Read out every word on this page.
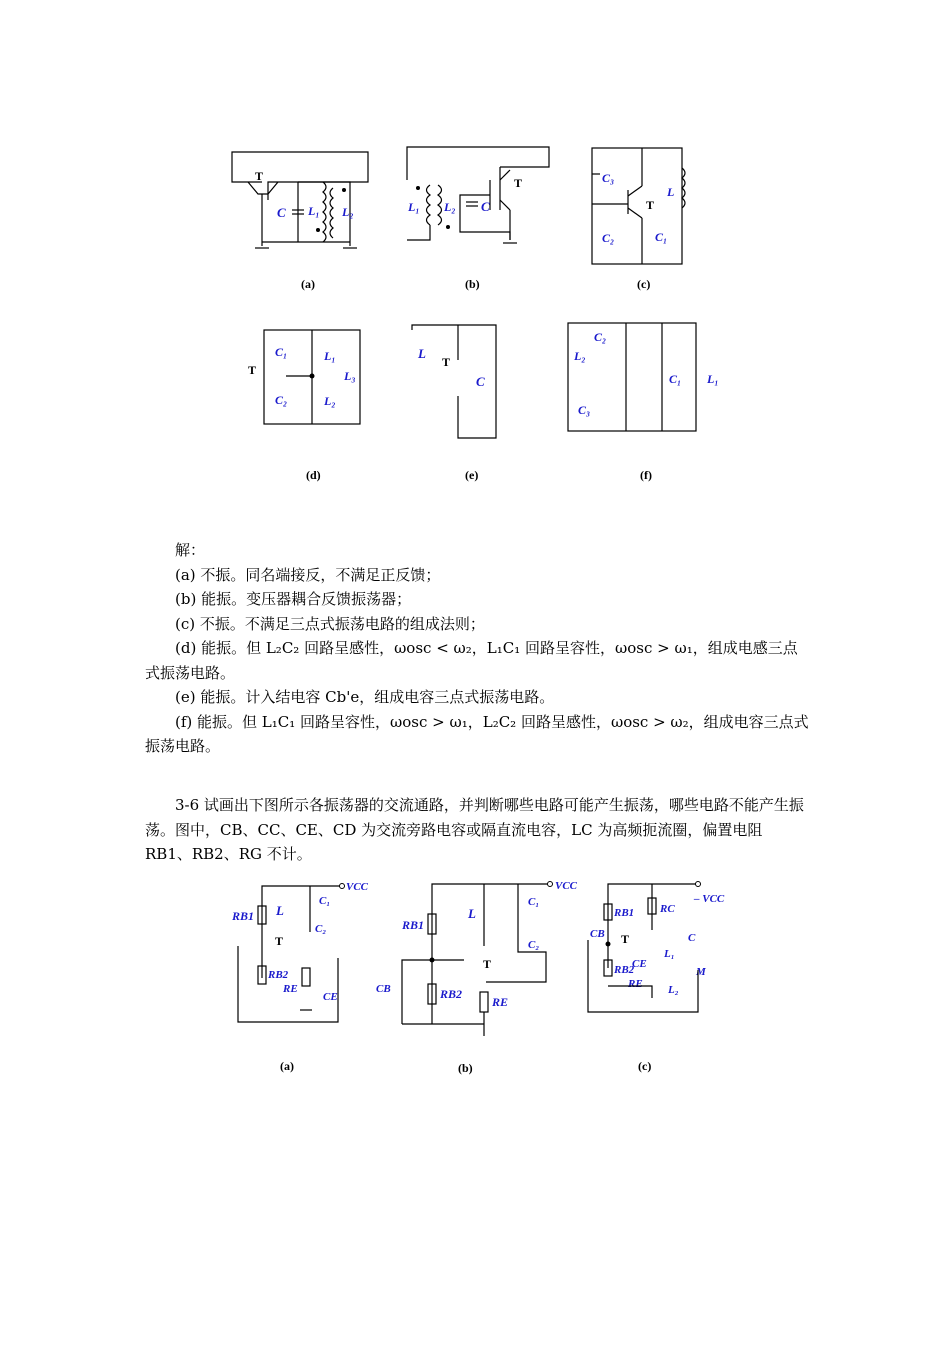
T
C L₁ L₂
(a)
T
L₁ L₂ C
(b)
T
C₃
C₂
L
C₁
(c)
T
C₁
C₂
L₁
L₂
L₃
(d)
L
T
C
(e)
C₂
L₂
C₁ L₁
C₃
(f)

解：

(a) 不振。同名端接反，不满足正反馈；

(b) 能振。变压器耦合反馈振荡器；

(c) 不振。不满足三点式振荡电路的组成法则；

(d) 能振。但 L₂C₂ 回路呈感性，ωosc < ω₂，L₁C₁ 回路呈容性，ωosc > ω₁，组成电感三点式振荡电路。

(e) 能振。计入结电容 Cb'e，组成电容三点式振荡电路。

(f) 能振。但 L₁C₁ 回路呈容性，ωosc > ω₁，L₂C₂ 回路呈感性，ωosc > ω₂，组成电容三点式振荡电路。

3-6 试画出下图所示各振荡器的交流通路，并判断哪些电路可能产生振荡，哪些电路不能产生振荡。图中，CB、CC、CE、CD 为交流旁路电容或隔直流电容，LC 为高频扼流圈，偏置电阻 RB1、RB2、RG 不计。

VCC
RB1 L
C₁
C₂
T
RB2
RE
CE
(a)
VCC
RB1
L
C₁
C₂
T
CB	RB2
RE
(b)
– VCC
RB1 RC
CB T	C
L₁
RB2
CE
RE L₂
M
(c)
